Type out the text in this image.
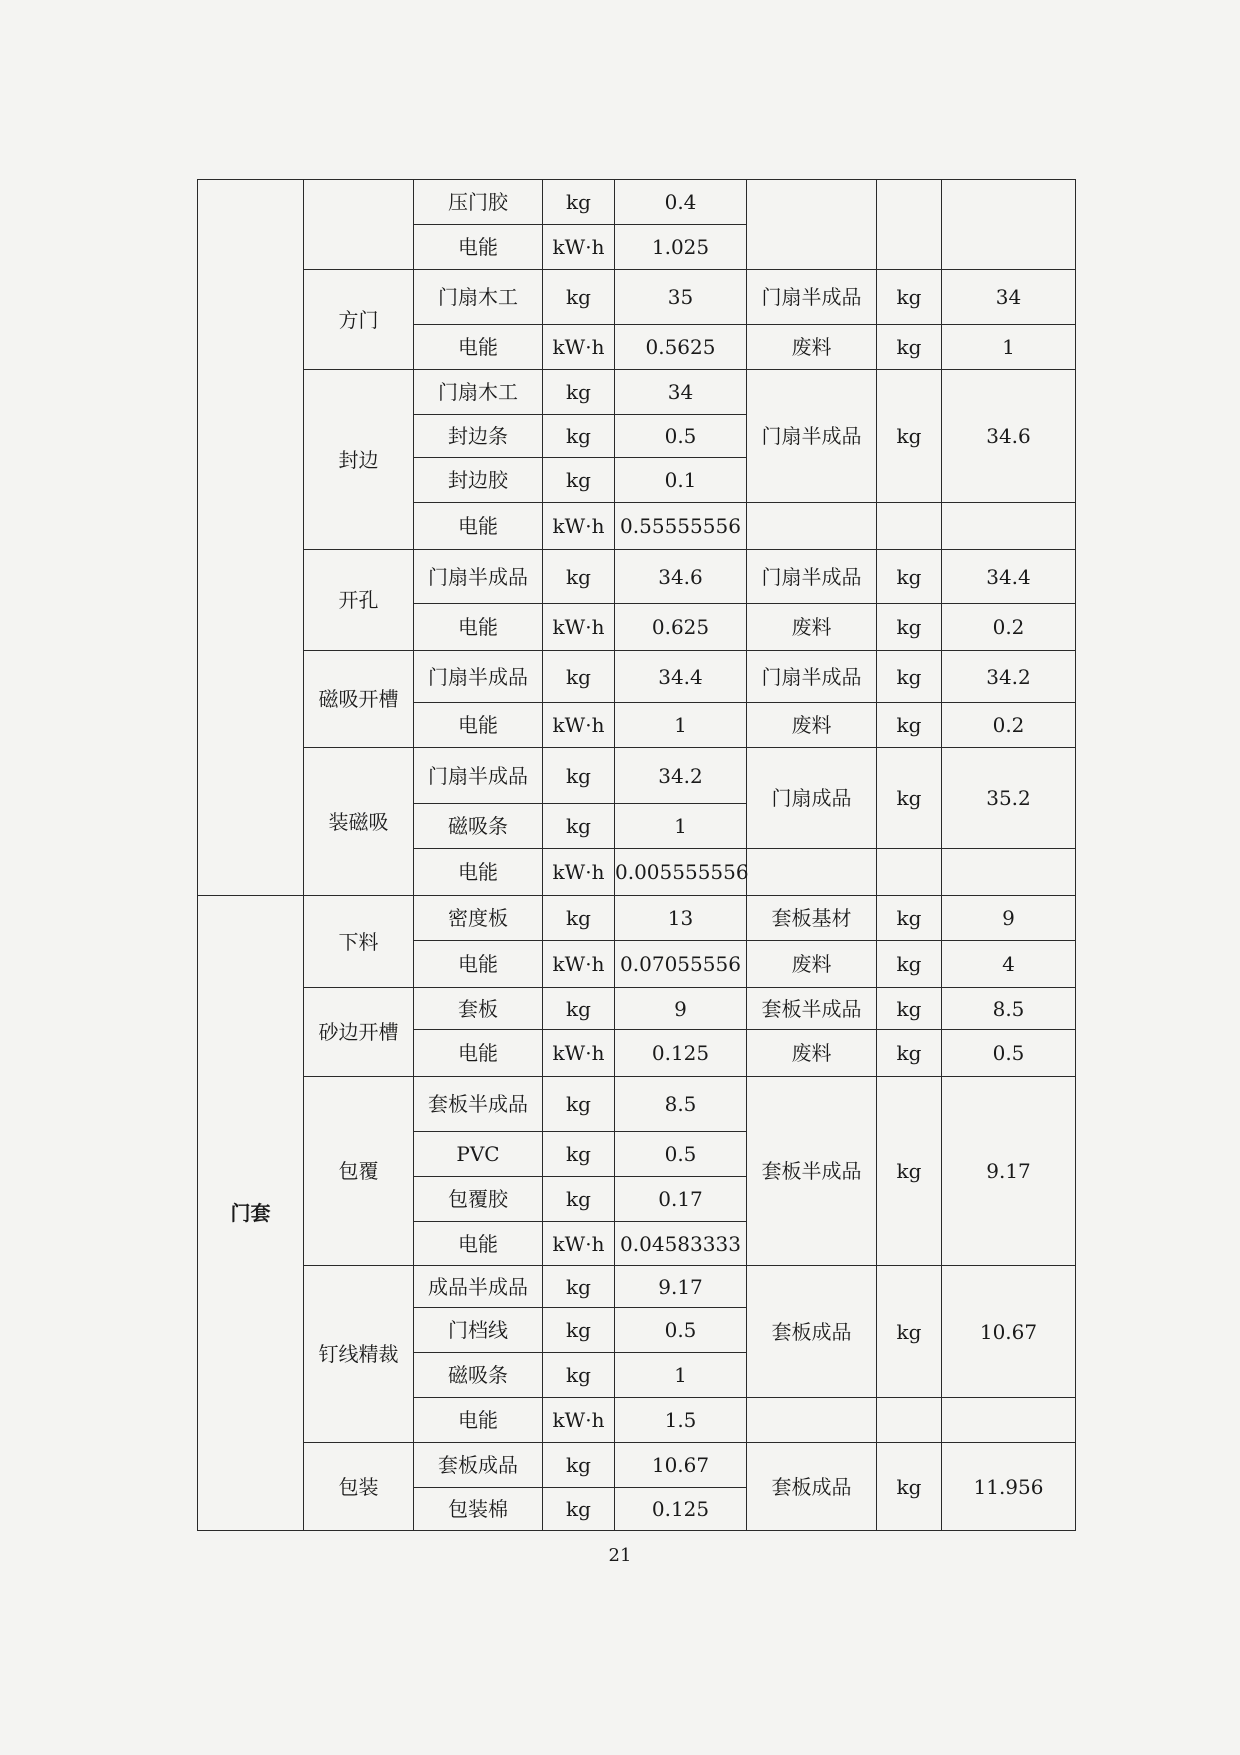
		压门胶	kg	0.4			
		电能	kW·h	1.025			
	方门	门扇木工	kg	35	门扇半成品	kg	34
		电能	kW·h	0.5625	废料	kg	1
	封边	门扇木工	kg	34	门扇半成品	kg	34.6
		封边条	kg	0.5			
		封边胶	kg	0.1			
		电能	kW·h	0.55555556			
	开孔	门扇半成品	kg	34.6	门扇半成品	kg	34.4
		电能	kW·h	0.625	废料	kg	0.2
	磁吸开槽	门扇半成品	kg	34.4	门扇半成品	kg	34.2
		电能	kW·h	1	废料	kg	0.2
	装磁吸	门扇半成品	kg	34.2	门扇成品	kg	35.2
		磁吸条	kg	1			
		电能	kW·h	0.005555556			
门套	下料	密度板	kg	13	套板基材	kg	9
		电能	kW·h	0.07055556	废料	kg	4
	砂边开槽	套板	kg	9	套板半成品	kg	8.5
		电能	kW·h	0.125	废料	kg	0.5
	包覆	套板半成品	kg	8.5	套板半成品	kg	9.17
		PVC	kg	0.5			
		包覆胶	kg	0.17			
		电能	kW·h	0.04583333			
	钉线精裁	成品半成品	kg	9.17	套板成品	kg	10.67
		门档线	kg	0.5			
		磁吸条	kg	1			
		电能	kW·h	1.5			
	包装	套板成品	kg	10.67	套板成品	kg	11.956
		包装棉	kg	0.125			
21
